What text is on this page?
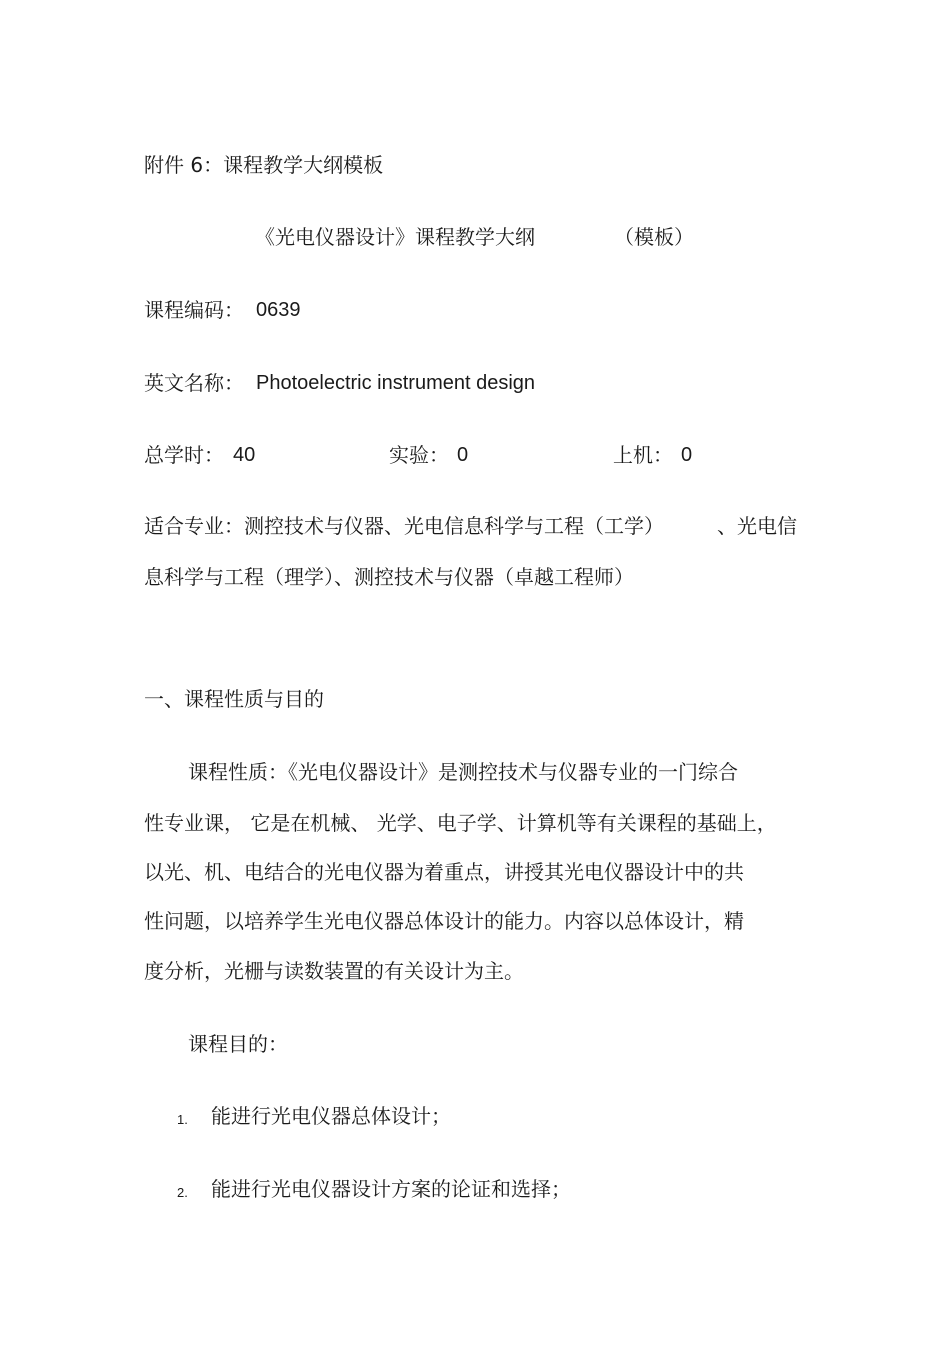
附件 6：课程教学大纲模板
《光电仪器设计》课程教学大纲	（模板）
课程编码： 0639
英文名称： Photoelectric instrument design
总学时： 40	实验： 0	上机： 0
适合专业：测控技术与仪器、光电信息科学与工程（工学）	、光电信
息科学与工程（理学）、测控技术与仪器（卓越工程师）
一、课程性质与目的
课程性质：《光电仪器设计》是测控技术与仪器专业的一门综合
性专业课， 它是在机械、 光学、电子学、计算机等有关课程的基础上，
以光、机、电结合的光电仪器为着重点，讲授其光电仪器设计中的共
性问题，以培养学生光电仪器总体设计的能力。内容以总体设计，精
度分析，光栅与读数装置的有关设计为主。
课程目的：
1. 能进行光电仪器总体设计；
2. 能进行光电仪器设计方案的论证和选择；
